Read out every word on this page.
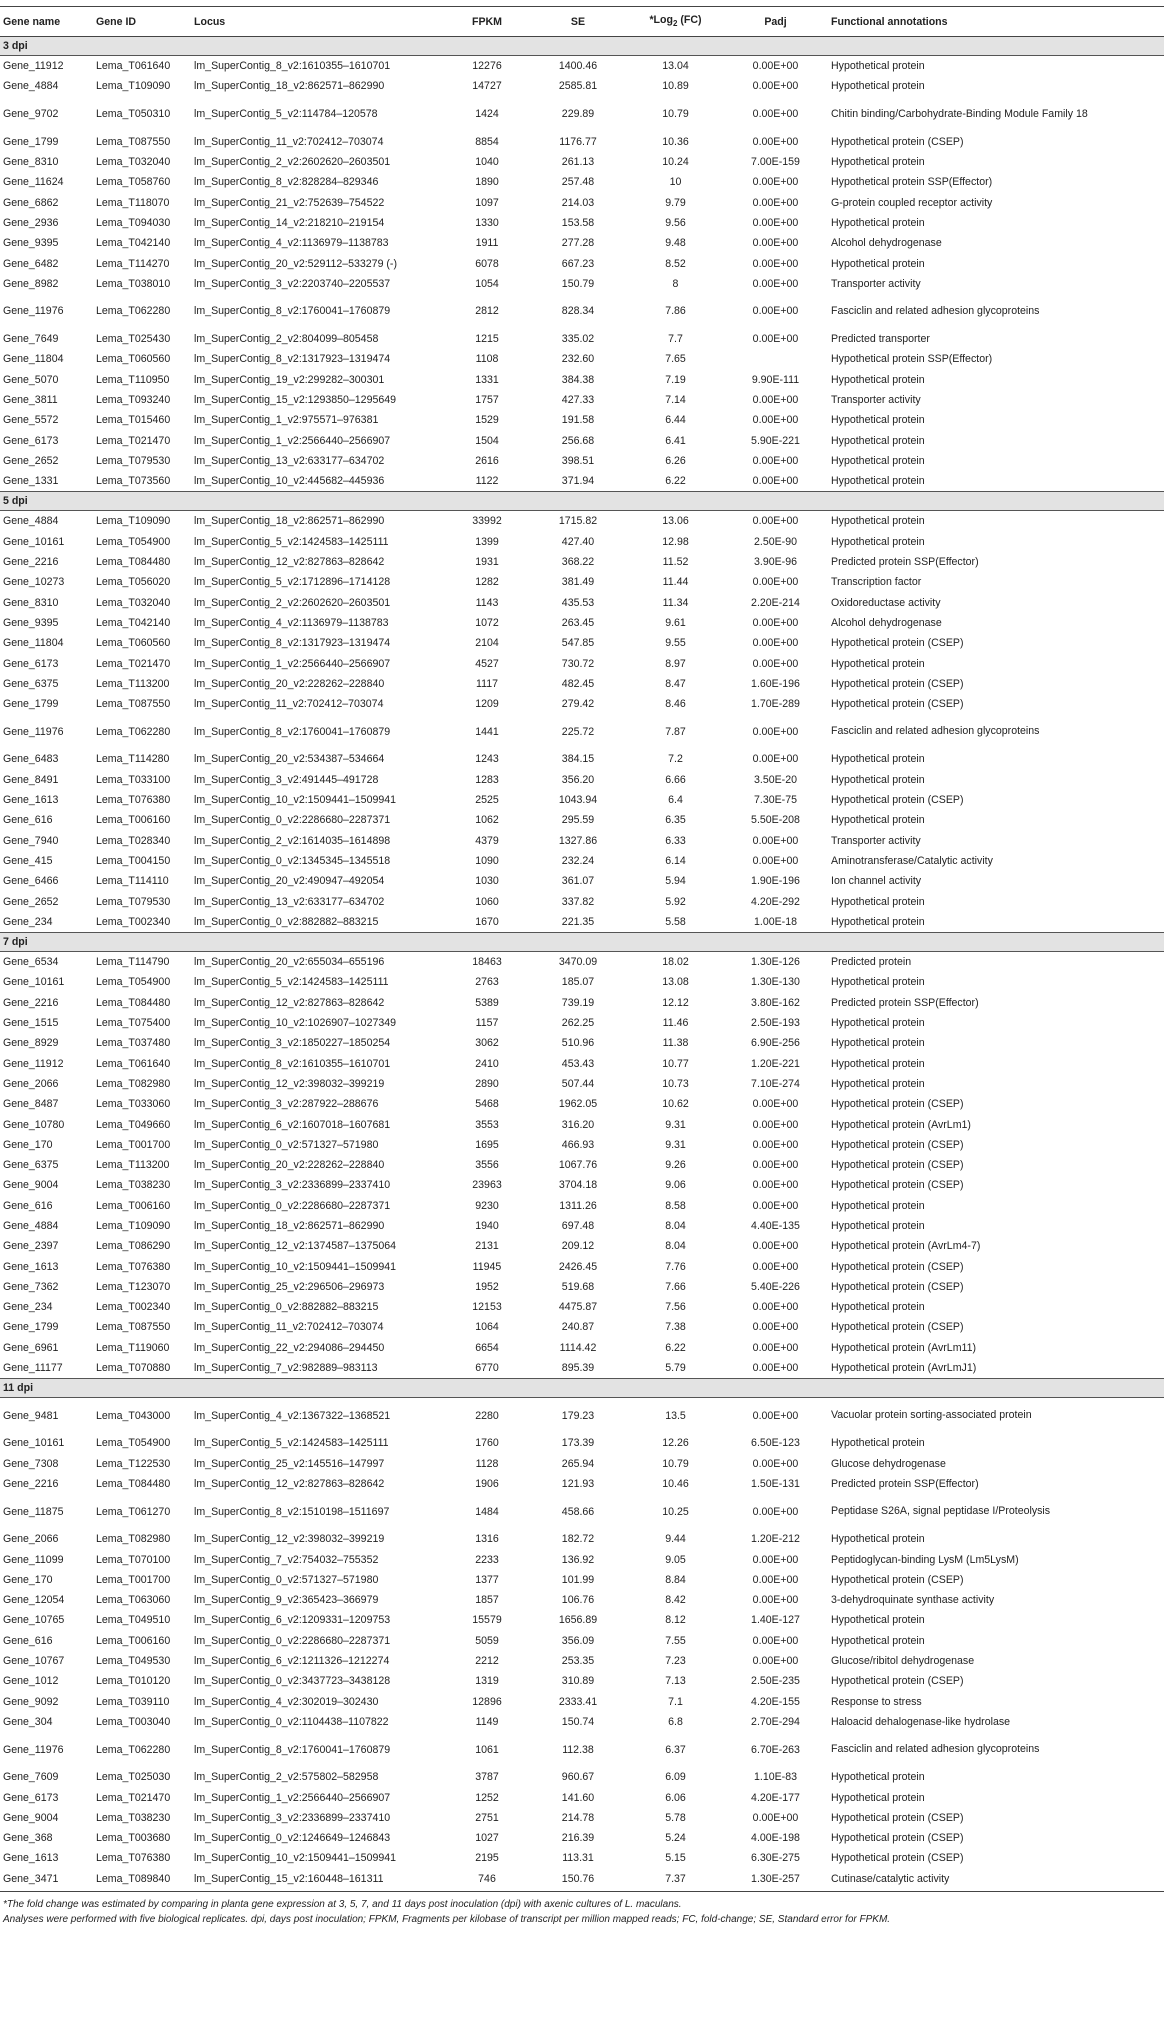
Gene name	Gene ID	Locus	FPKM	SE	*Log$_2$ (FC)	Padj	Functional annotations
3 dpi							
Gene_11912	Lema_T061640	lm_SuperContig_8_v2:1610355–1610701	12276	1400.46	13.04	0.00E+00	Hypothetical protein
Gene_4884	Lema_T109090	lm_SuperContig_18_v2:862571–862990	14727	2585.81	10.89	0.00E+00	Hypothetical protein
Gene_9702	Lema_T050310	lm_SuperContig_5_v2:114784–120578	1424	229.89	10.79	0.00E+00	Chitin binding/Carbohydrate-Binding Module Family 18
Gene_1799	Lema_T087550	lm_SuperContig_11_v2:702412–703074	8854	1176.77	10.36	0.00E+00	Hypothetical protein (CSEP)
Gene_8310	Lema_T032040	lm_SuperContig_2_v2:2602620–2603501	1040	261.13	10.24	7.00E-159	Hypothetical protein
Gene_11624	Lema_T058760	lm_SuperContig_8_v2:828284–829346	1890	257.48	10	0.00E+00	Hypothetical protein SSP(Effector)
Gene_6862	Lema_T118070	lm_SuperContig_21_v2:752639–754522	1097	214.03	9.79	0.00E+00	G-protein coupled receptor activity
Gene_2936	Lema_T094030	lm_SuperContig_14_v2:218210–219154	1330	153.58	9.56	0.00E+00	Hypothetical protein
Gene_9395	Lema_T042140	lm_SuperContig_4_v2:1136979–1138783	1911	277.28	9.48	0.00E+00	Alcohol dehydrogenase
Gene_6482	Lema_T114270	lm_SuperContig_20_v2:529112–533279 (-)	6078	667.23	8.52	0.00E+00	Hypothetical protein
Gene_8982	Lema_T038010	lm_SuperContig_3_v2:2203740–2205537	1054	150.79	8	0.00E+00	Transporter activity
Gene_11976	Lema_T062280	lm_SuperContig_8_v2:1760041–1760879	2812	828.34	7.86	0.00E+00	Fasciclin and related adhesion glycoproteins
Gene_7649	Lema_T025430	lm_SuperContig_2_v2:804099–805458	1215	335.02	7.7	0.00E+00	Predicted transporter
Gene_11804	Lema_T060560	lm_SuperContig_8_v2:1317923–1319474	1108	232.60	7.65		Hypothetical protein SSP(Effector)
Gene_5070	Lema_T110950	lm_SuperContig_19_v2:299282–300301	1331	384.38	7.19	9.90E-111	Hypothetical protein
Gene_3811	Lema_T093240	lm_SuperContig_15_v2:1293850–1295649	1757	427.33	7.14	0.00E+00	Transporter activity
Gene_5572	Lema_T015460	lm_SuperContig_1_v2:975571–976381	1529	191.58	6.44	0.00E+00	Hypothetical protein
Gene_6173	Lema_T021470	lm_SuperContig_1_v2:2566440–2566907	1504	256.68	6.41	5.90E-221	Hypothetical protein
Gene_2652	Lema_T079530	lm_SuperContig_13_v2:633177–634702	2616	398.51	6.26	0.00E+00	Hypothetical protein
Gene_1331	Lema_T073560	lm_SuperContig_10_v2:445682–445936	1122	371.94	6.22	0.00E+00	Hypothetical protein
5 dpi							
Gene_4884	Lema_T109090	lm_SuperContig_18_v2:862571–862990	33992	1715.82	13.06	0.00E+00	Hypothetical protein
Gene_10161	Lema_T054900	lm_SuperContig_5_v2:1424583–1425111	1399	427.40	12.98	2.50E-90	Hypothetical protein
Gene_2216	Lema_T084480	lm_SuperContig_12_v2:827863–828642	1931	368.22	11.52	3.90E-96	Predicted protein SSP(Effector)
Gene_10273	Lema_T056020	lm_SuperContig_5_v2:1712896–1714128	1282	381.49	11.44	0.00E+00	Transcription factor
Gene_8310	Lema_T032040	lm_SuperContig_2_v2:2602620–2603501	1143	435.53	11.34	2.20E-214	Oxidoreductase activity
Gene_9395	Lema_T042140	lm_SuperContig_4_v2:1136979–1138783	1072	263.45	9.61	0.00E+00	Alcohol dehydrogenase
Gene_11804	Lema_T060560	lm_SuperContig_8_v2:1317923–1319474	2104	547.85	9.55	0.00E+00	Hypothetical protein (CSEP)
Gene_6173	Lema_T021470	lm_SuperContig_1_v2:2566440–2566907	4527	730.72	8.97	0.00E+00	Hypothetical protein
Gene_6375	Lema_T113200	lm_SuperContig_20_v2:228262–228840	1117	482.45	8.47	1.60E-196	Hypothetical protein (CSEP)
Gene_1799	Lema_T087550	lm_SuperContig_11_v2:702412–703074	1209	279.42	8.46	1.70E-289	Hypothetical protein (CSEP)
Gene_11976	Lema_T062280	lm_SuperContig_8_v2:1760041–1760879	1441	225.72	7.87	0.00E+00	Fasciclin and related adhesion glycoproteins
Gene_6483	Lema_T114280	lm_SuperContig_20_v2:534387–534664	1243	384.15	7.2	0.00E+00	Hypothetical protein
Gene_8491	Lema_T033100	lm_SuperContig_3_v2:491445–491728	1283	356.20	6.66	3.50E-20	Hypothetical protein
Gene_1613	Lema_T076380	lm_SuperContig_10_v2:1509441–1509941	2525	1043.94	6.4	7.30E-75	Hypothetical protein (CSEP)
Gene_616	Lema_T006160	lm_SuperContig_0_v2:2286680–2287371	1062	295.59	6.35	5.50E-208	Hypothetical protein
Gene_7940	Lema_T028340	lm_SuperContig_2_v2:1614035–1614898	4379	1327.86	6.33	0.00E+00	Transporter activity
Gene_415	Lema_T004150	lm_SuperContig_0_v2:1345345–1345518	1090	232.24	6.14	0.00E+00	Aminotransferase/Catalytic activity
Gene_6466	Lema_T114110	lm_SuperContig_20_v2:490947–492054	1030	361.07	5.94	1.90E-196	Ion channel activity
Gene_2652	Lema_T079530	lm_SuperContig_13_v2:633177–634702	1060	337.82	5.92	4.20E-292	Hypothetical protein
Gene_234	Lema_T002340	lm_SuperContig_0_v2:882882–883215	1670	221.35	5.58	1.00E-18	Hypothetical protein
7 dpi							
Gene_6534	Lema_T114790	lm_SuperContig_20_v2:655034–655196	18463	3470.09	18.02	1.30E-126	Predicted protein
Gene_10161	Lema_T054900	lm_SuperContig_5_v2:1424583–1425111	2763	185.07	13.08	1.30E-130	Hypothetical protein
Gene_2216	Lema_T084480	lm_SuperContig_12_v2:827863–828642	5389	739.19	12.12	3.80E-162	Predicted protein SSP(Effector)
Gene_1515	Lema_T075400	lm_SuperContig_10_v2:1026907–1027349	1157	262.25	11.46	2.50E-193	Hypothetical protein
Gene_8929	Lema_T037480	lm_SuperContig_3_v2:1850227–1850254	3062	510.96	11.38	6.90E-256	Hypothetical protein
Gene_11912	Lema_T061640	lm_SuperContig_8_v2:1610355–1610701	2410	453.43	10.77	1.20E-221	Hypothetical protein
Gene_2066	Lema_T082980	lm_SuperContig_12_v2:398032–399219	2890	507.44	10.73	7.10E-274	Hypothetical protein
Gene_8487	Lema_T033060	lm_SuperContig_3_v2:287922–288676	5468	1962.05	10.62	0.00E+00	Hypothetical protein (CSEP)
Gene_10780	Lema_T049660	lm_SuperContig_6_v2:1607018–1607681	3553	316.20	9.31	0.00E+00	Hypothetical protein (AvrLm1)
Gene_170	Lema_T001700	lm_SuperContig_0_v2:571327–571980	1695	466.93	9.31	0.00E+00	Hypothetical protein (CSEP)
Gene_6375	Lema_T113200	lm_SuperContig_20_v2:228262–228840	3556	1067.76	9.26	0.00E+00	Hypothetical protein (CSEP)
Gene_9004	Lema_T038230	lm_SuperContig_3_v2:2336899–2337410	23963	3704.18	9.06	0.00E+00	Hypothetical protein (CSEP)
Gene_616	Lema_T006160	lm_SuperContig_0_v2:2286680–2287371	9230	1311.26	8.58	0.00E+00	Hypothetical protein
Gene_4884	Lema_T109090	lm_SuperContig_18_v2:862571–862990	1940	697.48	8.04	4.40E-135	Hypothetical protein
Gene_2397	Lema_T086290	lm_SuperContig_12_v2:1374587–1375064	2131	209.12	8.04	0.00E+00	Hypothetical protein (AvrLm4-7)
Gene_1613	Lema_T076380	lm_SuperContig_10_v2:1509441–1509941	11945	2426.45	7.76	0.00E+00	Hypothetical protein (CSEP)
Gene_7362	Lema_T123070	lm_SuperContig_25_v2:296506–296973	1952	519.68	7.66	5.40E-226	Hypothetical protein (CSEP)
Gene_234	Lema_T002340	lm_SuperContig_0_v2:882882–883215	12153	4475.87	7.56	0.00E+00	Hypothetical protein
Gene_1799	Lema_T087550	lm_SuperContig_11_v2:702412–703074	1064	240.87	7.38	0.00E+00	Hypothetical protein (CSEP)
Gene_6961	Lema_T119060	lm_SuperContig_22_v2:294086–294450	6654	1114.42	6.22	0.00E+00	Hypothetical protein (AvrLm11)
Gene_11177	Lema_T070880	lm_SuperContig_7_v2:982889–983113	6770	895.39	5.79	0.00E+00	Hypothetical protein (AvrLmJ1)
11 dpi							
Gene_9481	Lema_T043000	lm_SuperContig_4_v2:1367322–1368521	2280	179.23	13.5	0.00E+00	Vacuolar protein sorting-associated protein
Gene_10161	Lema_T054900	lm_SuperContig_5_v2:1424583–1425111	1760	173.39	12.26	6.50E-123	Hypothetical protein
Gene_7308	Lema_T122530	lm_SuperContig_25_v2:145516–147997	1128	265.94	10.79	0.00E+00	Glucose dehydrogenase
Gene_2216	Lema_T084480	lm_SuperContig_12_v2:827863–828642	1906	121.93	10.46	1.50E-131	Predicted protein SSP(Effector)
Gene_11875	Lema_T061270	lm_SuperContig_8_v2:1510198–1511697	1484	458.66	10.25	0.00E+00	Peptidase S26A, signal peptidase I/Proteolysis
Gene_2066	Lema_T082980	lm_SuperContig_12_v2:398032–399219	1316	182.72	9.44	1.20E-212	Hypothetical protein
Gene_11099	Lema_T070100	lm_SuperContig_7_v2:754032–755352	2233	136.92	9.05	0.00E+00	Peptidoglycan-binding LysM (Lm5LysM)
Gene_170	Lema_T001700	lm_SuperContig_0_v2:571327–571980	1377	101.99	8.84	0.00E+00	Hypothetical protein (CSEP)
Gene_12054	Lema_T063060	lm_SuperContig_9_v2:365423–366979	1857	106.76	8.42	0.00E+00	3-dehydroquinate synthase activity
Gene_10765	Lema_T049510	lm_SuperContig_6_v2:1209331–1209753	15579	1656.89	8.12	1.40E-127	Hypothetical protein
Gene_616	Lema_T006160	lm_SuperContig_0_v2:2286680–2287371	5059	356.09	7.55	0.00E+00	Hypothetical protein
Gene_10767	Lema_T049530	lm_SuperContig_6_v2:1211326–1212274	2212	253.35	7.23	0.00E+00	Glucose/ribitol dehydrogenase
Gene_1012	Lema_T010120	lm_SuperContig_0_v2:3437723–3438128	1319	310.89	7.13	2.50E-235	Hypothetical protein (CSEP)
Gene_9092	Lema_T039110	lm_SuperContig_4_v2:302019–302430	12896	2333.41	7.1	4.20E-155	Response to stress
Gene_304	Lema_T003040	lm_SuperContig_0_v2:1104438–1107822	1149	150.74	6.8	2.70E-294	Haloacid dehalogenase-like hydrolase
Gene_11976	Lema_T062280	lm_SuperContig_8_v2:1760041–1760879	1061	112.38	6.37	6.70E-263	Fasciclin and related adhesion glycoproteins
Gene_7609	Lema_T025030	lm_SuperContig_2_v2:575802–582958	3787	960.67	6.09	1.10E-83	Hypothetical protein
Gene_6173	Lema_T021470	lm_SuperContig_1_v2:2566440–2566907	1252	141.60	6.06	4.20E-177	Hypothetical protein
Gene_9004	Lema_T038230	lm_SuperContig_3_v2:2336899–2337410	2751	214.78	5.78	0.00E+00	Hypothetical protein (CSEP)
Gene_368	Lema_T003680	lm_SuperContig_0_v2:1246649–1246843	1027	216.39	5.24	4.00E-198	Hypothetical protein (CSEP)
Gene_1613	Lema_T076380	lm_SuperContig_10_v2:1509441–1509941	2195	113.31	5.15	6.30E-275	Hypothetical protein (CSEP)
Gene_3471	Lema_T089840	lm_SuperContig_15_v2:160448–161311	746	150.76	7.37	1.30E-257	Cutinase/catalytic activity
*The fold change was estimated by comparing in planta gene expression at 3, 5, 7, and 11 days post inoculation (dpi) with axenic cultures of L. maculans.
Analyses were performed with five biological replicates. dpi, days post inoculation; FPKM, Fragments per kilobase of transcript per million mapped reads; FC, fold-change; SE, Standard error for FPKM.
